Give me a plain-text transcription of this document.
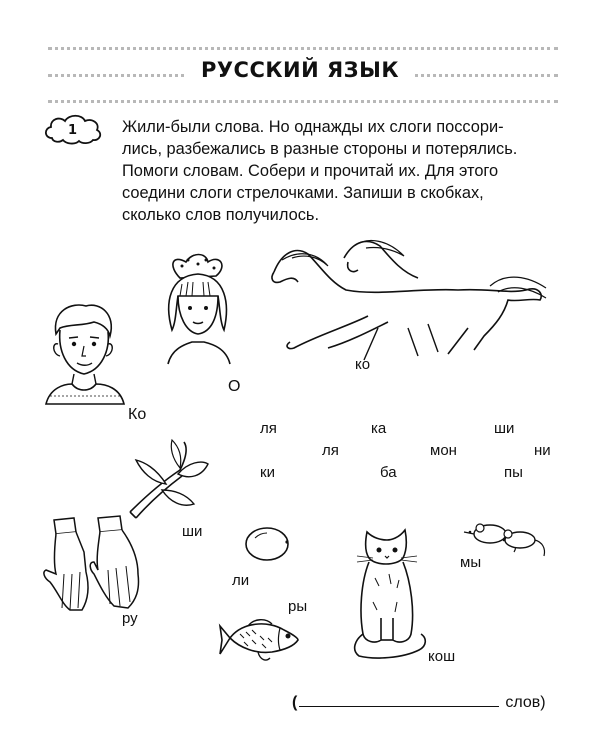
РУССКИЙ ЯЗЫК
1	Жили-были слова. Но однажды их слоги поссори-
лись, разбежались в разные стороны и потерялись.
Помоги словам. Собери и прочитай их. Для этого
соедини слоги стрелочками. Запиши в скобках,
сколько слов получилось.

О
Ко
ко
ля	ка	ши
ля	мон	ни
ки	ба	пы
ши
мы
ли
ры
ру
кош
(	слов)
